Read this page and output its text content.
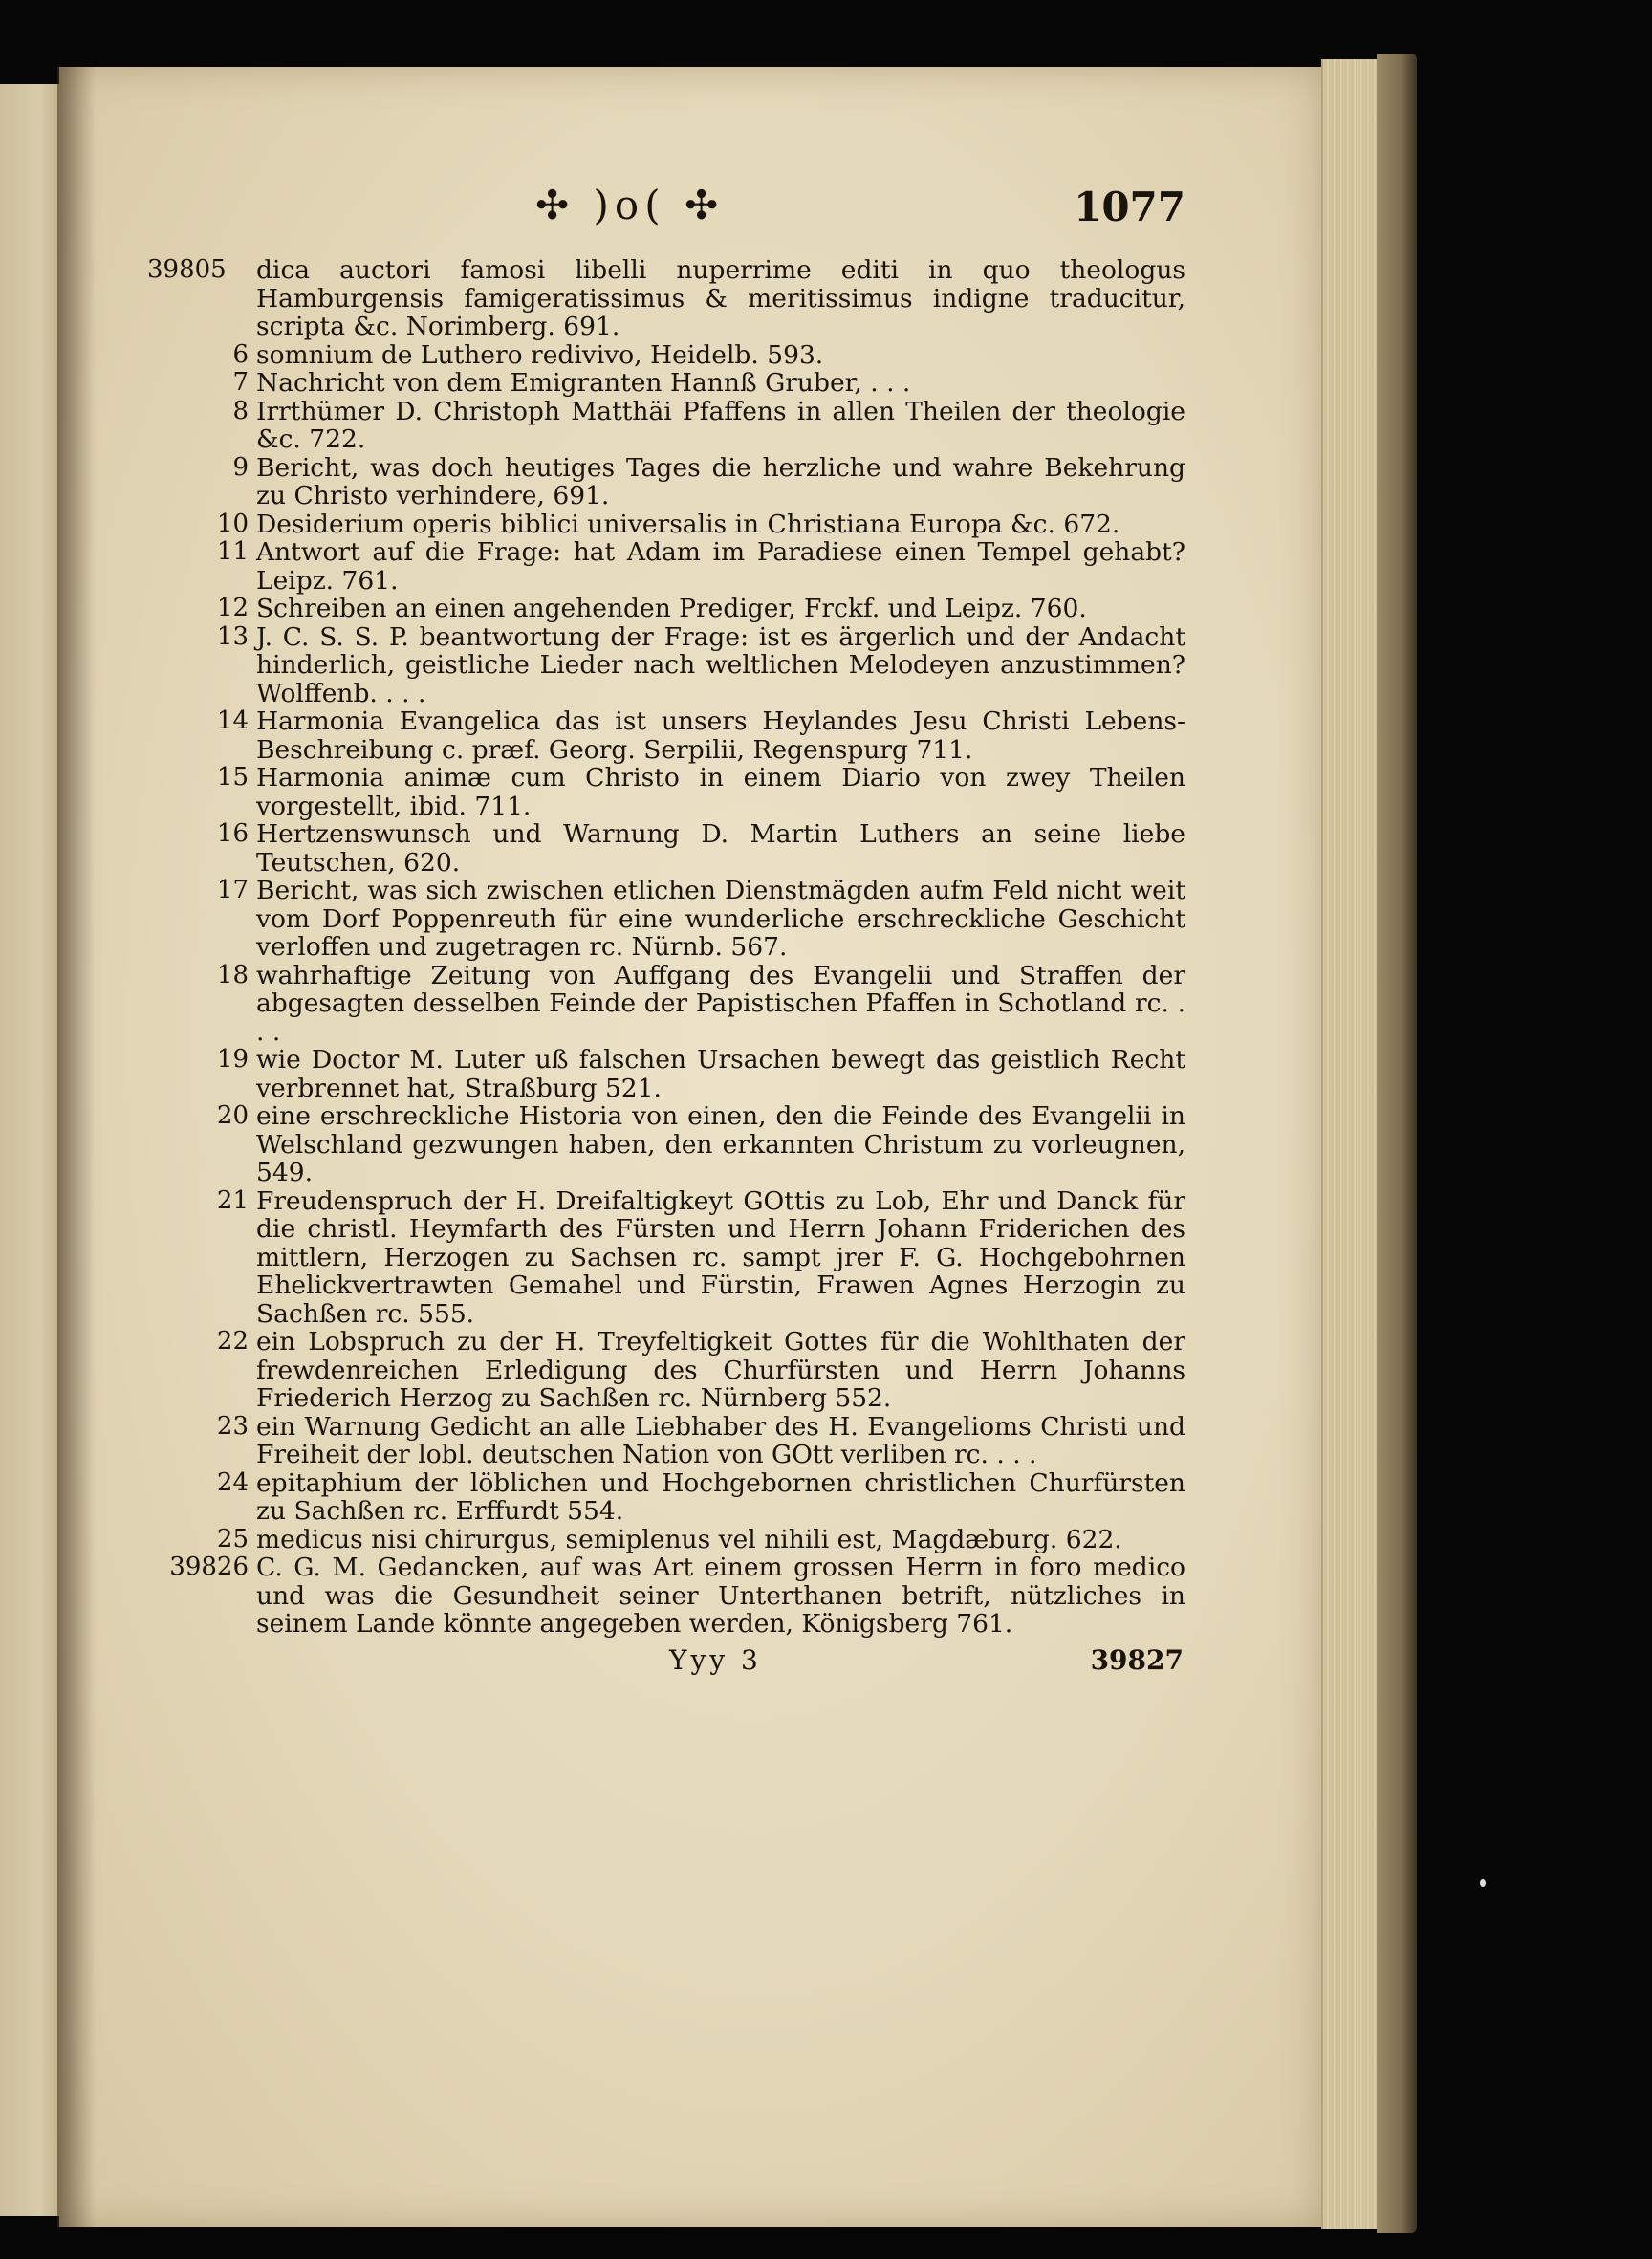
✣ )o( ✣	1077
39805	dica auctori famosi libelli nuperrime editi in quo theologus Hamburgensis famigeratissimus & meritissimus indigne traducitur, scripta &c. Norimberg. 691.
6 somnium de Luthero redivivo, Heidelb. 593.
7 Nachricht von dem Emigranten Hannß Gruber, . . .
8 Irrthümer D. Christoph Matthäi Pfaffens in allen Theilen der theologie &c. 722.
9 Bericht, was doch heutiges Tages die herzliche und wahre Bekehrung zu Christo verhindere, 691.
10 Desiderium operis biblici universalis in Christiana Europa &c. 672.
11 Antwort auf die Frage: hat Adam im Paradiese einen Tempel gehabt? Leipz. 761.
12 Schreiben an einen angehenden Prediger, Frckf. und Leipz. 760.
13 J. C. S. S. P. beantwortung der Frage: ist es ärgerlich und der Andacht hinderlich, geistliche Lieder nach weltlichen Melodeyen anzustimmen? Wolffenb. . . .
14 Harmonia Evangelica das ist unsers Heylandes Jesu Christi Lebens-Beschreibung c. præf. Georg. Serpilii, Regenspurg 711.
15 Harmonia animæ cum Christo in einem Diario von zwey Theilen vorgestellt, ibid. 711.
16 Hertzenswunsch und Warnung D. Martin Luthers an seine liebe Teutschen, 620.
17 Bericht, was sich zwischen etlichen Dienstmägden aufm Feld nicht weit vom Dorf Poppenreuth für eine wunderliche erschreckliche Geschicht verloffen und zugetragen rc. Nürnb. 567.
18 wahrhaftige Zeitung von Auffgang des Evangelii und Straffen der abgesagten desselben Feinde der Papistischen Pfaffen in Schotland rc. . . .
19 wie Doctor M. Luter uß falschen Ursachen bewegt das geistlich Recht verbrennet hat, Straßburg 521.
20 eine erschreckliche Historia von einen, den die Feinde des Evangelii in Welschland gezwungen haben, den erkannten Christum zu vorleugnen, 549.
21 Freudenspruch der H. Dreifaltigkeyt GOttis zu Lob, Ehr und Danck für die christl. Heymfarth des Fürsten und Herrn Johann Friderichen des mittlern, Herzogen zu Sachsen rc. sampt jrer F. G. Hochgebohrnen Ehelickvertrawten Gemahel und Fürstin, Frawen Agnes Herzogin zu Sachßen rc. 555.
22 ein Lobspruch zu der H. Treyfeltigkeit Gottes für die Wohlthaten der frewdenreichen Erledigung des Churfürsten und Herrn Johanns Friederich Herzog zu Sachßen rc. Nürnberg 552.
23 ein Warnung Gedicht an alle Liebhaber des H. Evangelioms Christi und Freiheit der lobl. deutschen Nation von GOtt verliben rc. . . .
24 epitaphium der löblichen und Hochgebornen christlichen Churfürsten zu Sachßen rc. Erffurdt 554.
25 medicus nisi chirurgus, semiplenus vel nihili est, Magdæburg. 622.
39826 C. G. M. Gedancken, auf was Art einem grossen Herrn in foro medico und was die Gesundheit seiner Unterthanen betrift, nützliches in seinem Lande könnte angegeben werden, Königsberg 761.
Yyy 3	39827
